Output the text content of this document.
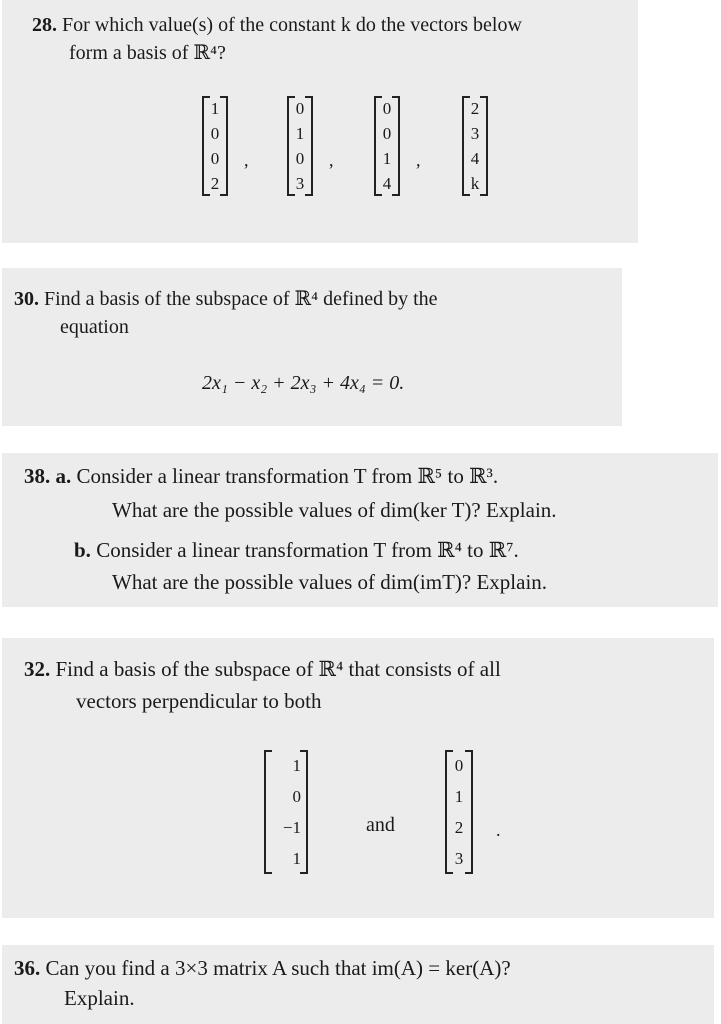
28. For which value(s) of the constant k do the vectors below
form a basis of ℝ⁴?
1
0
0
2
,
0
1
0
3
,
0
0
1
4
,
2
3
4
k
30. Find a basis of the subspace of ℝ⁴ defined by the
equation
2x₁ − x₂ + 2x₃ + 4x₄ = 0.
38. a. Consider a linear transformation T from ℝ⁵ to ℝ³.
What are the possible values of dim(ker T)? Explain.
b. Consider a linear transformation T from ℝ⁴ to ℝ⁷.
What are the possible values of dim(imT)? Explain.
32. Find a basis of the subspace of ℝ⁴ that consists of all
vectors perpendicular to both
1
0
−1
1
and
0
1
2
3
.
36. Can you find a 3×3 matrix A such that im(A) = ker(A)?
Explain.
